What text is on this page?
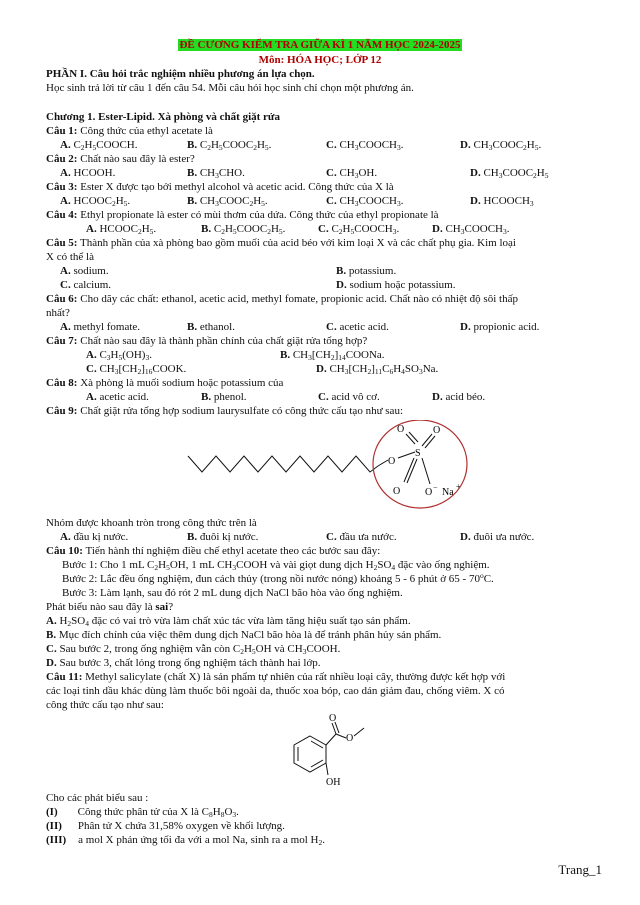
ĐỀ CƯƠNG KIỂM TRA GIỮA KÌ 1 NĂM HỌC 2024-2025
Môn: HÓA HỌC; LỚP 12
PHẦN I. Câu hỏi trắc nghiệm nhiều phương án lựa chọn.
Học sinh trả lời từ câu 1 đến câu 54. Mỗi câu hỏi học sinh chỉ chọn một phương án.
Chương 1. Ester-Lipid. Xà phòng và chất giặt rửa
Câu 1: Công thức của ethyl acetate là
A. $C_2H_5COOCH$.	B. $C_2H_5COOC_2H_5$.	C. $CH_3COOCH_3$.	D. $CH_3COOC_2H_5$.
Câu 2: Chất nào sau đây là ester?
A. HCOOH.	B. $CH_3CHO$.	C. $CH_3OH$.	D. $CH_3COOC_2H_5$
Câu 3: Ester X được tạo bởi methyl alcohol và acetic acid. Công thức của X là
A. $HCOOC_2H_5$.	B. $CH_3COOC_2H_5$.	C. $CH_3COOCH_3$.	D. $HCOOCH_3$
Câu 4: Ethyl propionate là ester có mùi thơm của dứa. Công thức của ethyl propionate là
A. $HCOOC_2H_5$.	B. $C_2H_5COOC_2H_5$.	C. $C_2H_5COOCH_3$.	D. $CH_3COOCH_3$.
Câu 5: Thành phần của xà phòng bao gồm muối của acid béo với kim loại X và các chất phụ gia. Kim loại
X có thể là
A. sodium.	B. potassium.
C. calcium.	D. sodium hoặc potassium.
Câu 6: Cho dãy các chất: ethanol, acetic acid, methyl fomate, propionic acid. Chất nào có nhiệt độ sôi thấp
nhất?
A. methyl fomate.	B. ethanol.	C. acetic acid.	D. propionic acid.
Câu 7: Chất nào sau đây là thành phần chính của chất giặt rửa tổng hợp?
A. $C_3H_5(OH)_3$.	B. $CH_3[CH_2]_{14}COONa$.
C. $CH_3[CH_2]_{16}COOK$.	D. $CH_3[CH_2]_{11}C_6H_4SO_3Na$.
Câu 8: Xà phòng là muối sodium hoặc potassium của
A. acetic acid.	B. phenol.	C. acid vô cơ.	D. acid béo.
Câu 9: Chất giặt rửa tổng hợp sodium laurysulfate có công thức cấu tạo như sau:
O
S
O	O
O O − Na
+
Nhóm được khoanh tròn trong công thức trên là
A. đầu kị nước.	B. đuôi kị nước.	C. đầu ưa nước.	D. đuôi ưa nước.
Câu 10: Tiến hành thí nghiệm điều chế ethyl acetate theo các bước sau đây:
Bước 1: Cho 1 mL $C_2H_5OH$, 1 mL $CH_3COOH$ và vài giọt dung dịch $H_2SO_4$ đặc vào ống nghiệm.
Bước 2: Lắc đều ống nghiệm, đun cách thủy (trong nồi nước nóng) khoảng 5 - 6 phút ở 65 - 70$^o$C.
Bước 3: Làm lạnh, sau đó rót 2 mL dung dịch NaCl bão hòa vào ống nghiệm.
Phát biểu nào sau đây là sai?
A. $H_2SO_4$ đặc có vai trò vừa làm chất xúc tác vừa làm tăng hiệu suất tạo sản phẩm.
B. Mục đích chính của việc thêm dung dịch NaCl bão hòa là để tránh phân hủy sản phẩm.
C. Sau bước 2, trong ống nghiệm vẫn còn $C_2H_5OH$ và $CH_3COOH$.
D. Sau bước 3, chất lỏng trong ống nghiệm tách thành hai lớp.
Câu 11: Methyl salicylate (chất X) là sản phẩm tự nhiên của rất nhiều loại cây, thường được kết hợp với
các loại tinh dầu khác dùng làm thuốc bôi ngoài da, thuốc xoa bóp, cao dán giảm đau, chống viêm. X có
công thức cấu tạo như sau:
O
O
OH
Cho các phát biểu sau :
(I) Công thức phân tử của X là $C_8H_8O_3$.
(II) Phân tử X chứa 31,58% oxygen về khối lượng.
(III) a mol X phản ứng tối đa với a mol Na, sinh ra a mol $H_2$.
Trang_1
